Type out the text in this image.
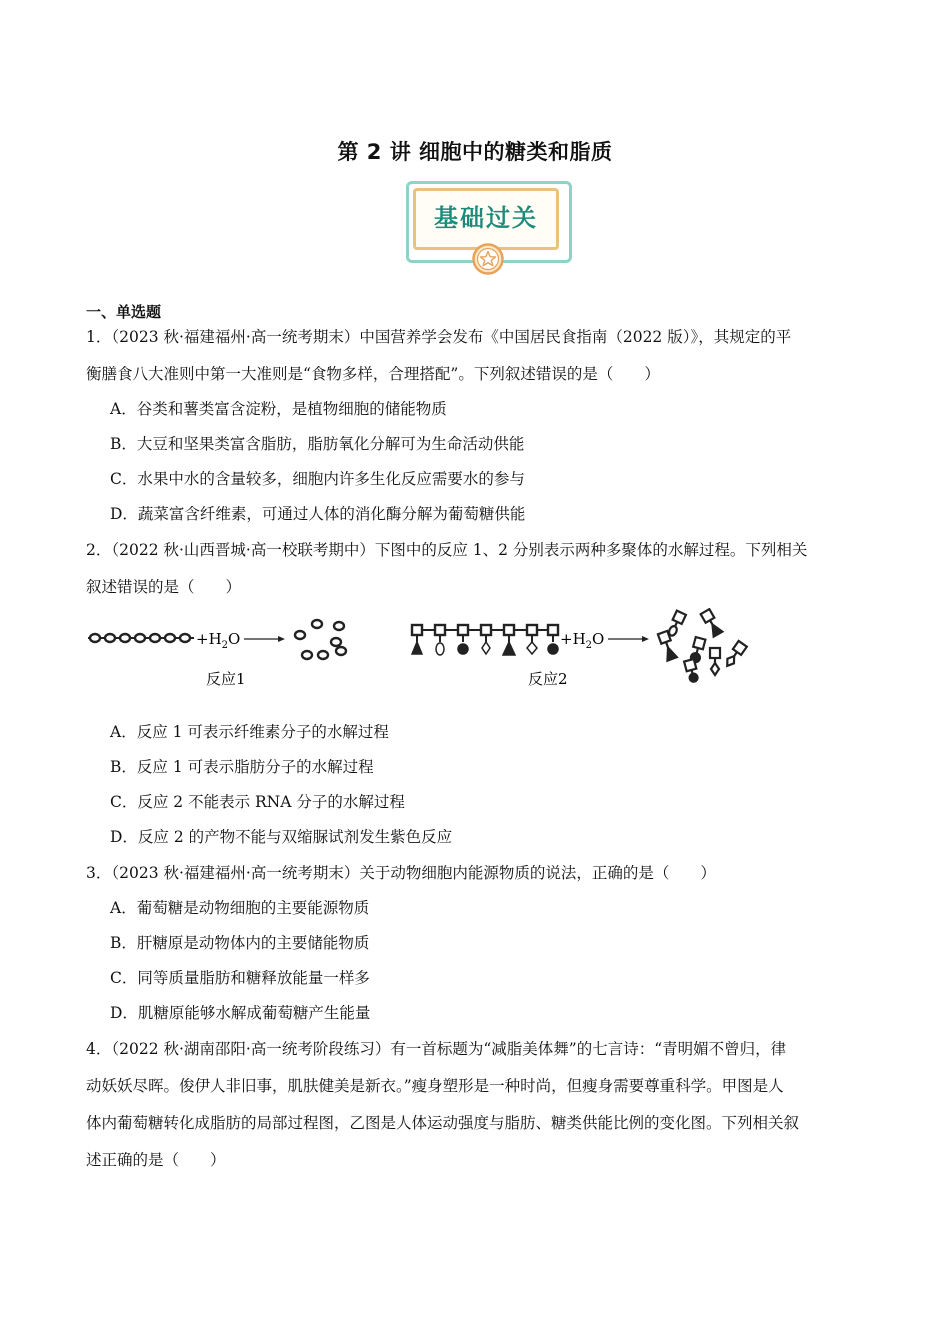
第 2 讲 细胞中的糖类和脂质
基础过关
一、单选题
1．（2023 秋·福建福州·高一统考期末）中国营养学会发布《中国居民食指南（2022 版）》，其规定的平
衡膳食八大准则中第一大准则是“食物多样，合理搭配”。下列叙述错误的是（　　）
A．谷类和薯类富含淀粉，是植物细胞的储能物质
B．大豆和坚果类富含脂肪，脂肪氧化分解可为生命活动供能
C．水果中水的含量较多，细胞内许多生化反应需要水的参与
D．蔬菜富含纤维素，可通过人体的消化酶分解为葡萄糖供能
2．（2022 秋·山西晋城·高一校联考期中）下图中的反应 1、2 分别表示两种多聚体的水解过程。下列相关
叙述错误的是（　　）
$+H_2O$
反应1
$+H_2O$
反应2
A．反应 1 可表示纤维素分子的水解过程
B．反应 1 可表示脂肪分子的水解过程
C．反应 2 不能表示 RNA 分子的水解过程
D．反应 2 的产物不能与双缩脲试剂发生紫色反应
3．（2023 秋·福建福州·高一统考期末）关于动物细胞内能源物质的说法，正确的是（　　）
A．葡萄糖是动物细胞的主要能源物质
B．肝糖原是动物体内的主要储能物质
C．同等质量脂肪和糖释放能量一样多
D．肌糖原能够水解成葡萄糖产生能量
4．（2022 秋·湖南邵阳·高一统考阶段练习）有一首标题为“减脂美体舞”的七言诗：“青明媚不曾归，律
动妖妖尽晖。俊伊人非旧事，肌肤健美是新衣。”瘦身塑形是一种时尚，但瘦身需要尊重科学。甲图是人
体内葡萄糖转化成脂肪的局部过程图，乙图是人体运动强度与脂肪、糖类供能比例的变化图。下列相关叙
述正确的是（　　）
